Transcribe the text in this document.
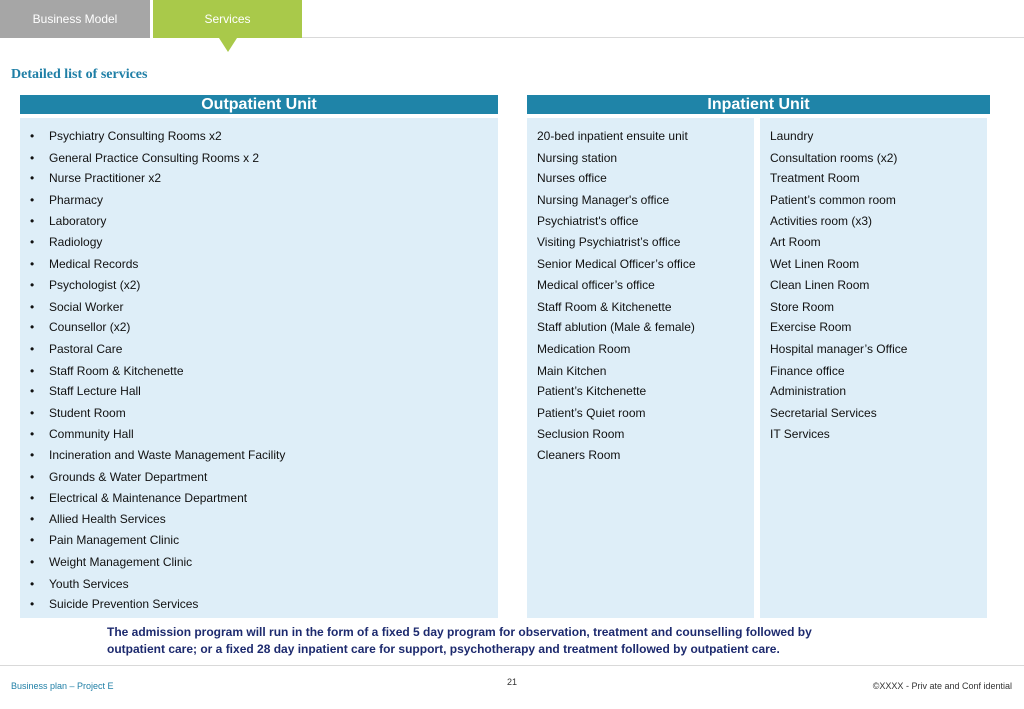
Business Model	Services
Detailed list of services
Outpatient Unit	Inpatient Unit
• Psychiatry Consulting Rooms x2
• General Practice Consulting Rooms x 2
• Nurse Practitioner x2
• Pharmacy
• Laboratory
• Radiology
• Medical Records
• Psychologist (x2)
• Social Worker
• Counsellor (x2)
• Pastoral Care
• Staff Room & Kitchenette
• Staff Lecture Hall
• Student Room
• Community Hall
• Incineration and Waste Management Facility
• Grounds & Water Department
• Electrical & Maintenance Department
• Allied Health Services
• Pain Management Clinic
• Weight Management Clinic
• Youth Services
• Suicide Prevention Services
20-bed inpatient ensuite unit
Nursing station
Nurses office
Nursing Manager's office
Psychiatrist's office
Visiting Psychiatrist’s office
Senior Medical Officer’s office
Medical officer’s office
Staff Room & Kitchenette
Staff ablution (Male & female)
Medication Room
Main Kitchen
Patient’s Kitchenette
Patient’s Quiet room
Seclusion Room
Cleaners Room
Laundry
Consultation rooms (x2)
Treatment Room
Patient’s common room
Activities room (x3)
Art Room
Wet Linen Room
Clean Linen Room
Store Room
Exercise Room
Hospital manager’s Office
Finance office
Administration
Secretarial Services
IT Services
The admission program will run in the form of a fixed 5 day program for observation, treatment and counselling followed by
outpatient care; or a fixed 28 day inpatient care for support, psychotherapy and treatment followed by outpatient care.
Business plan – Project E	21	©XXXX - Priv ate and Conf idential
